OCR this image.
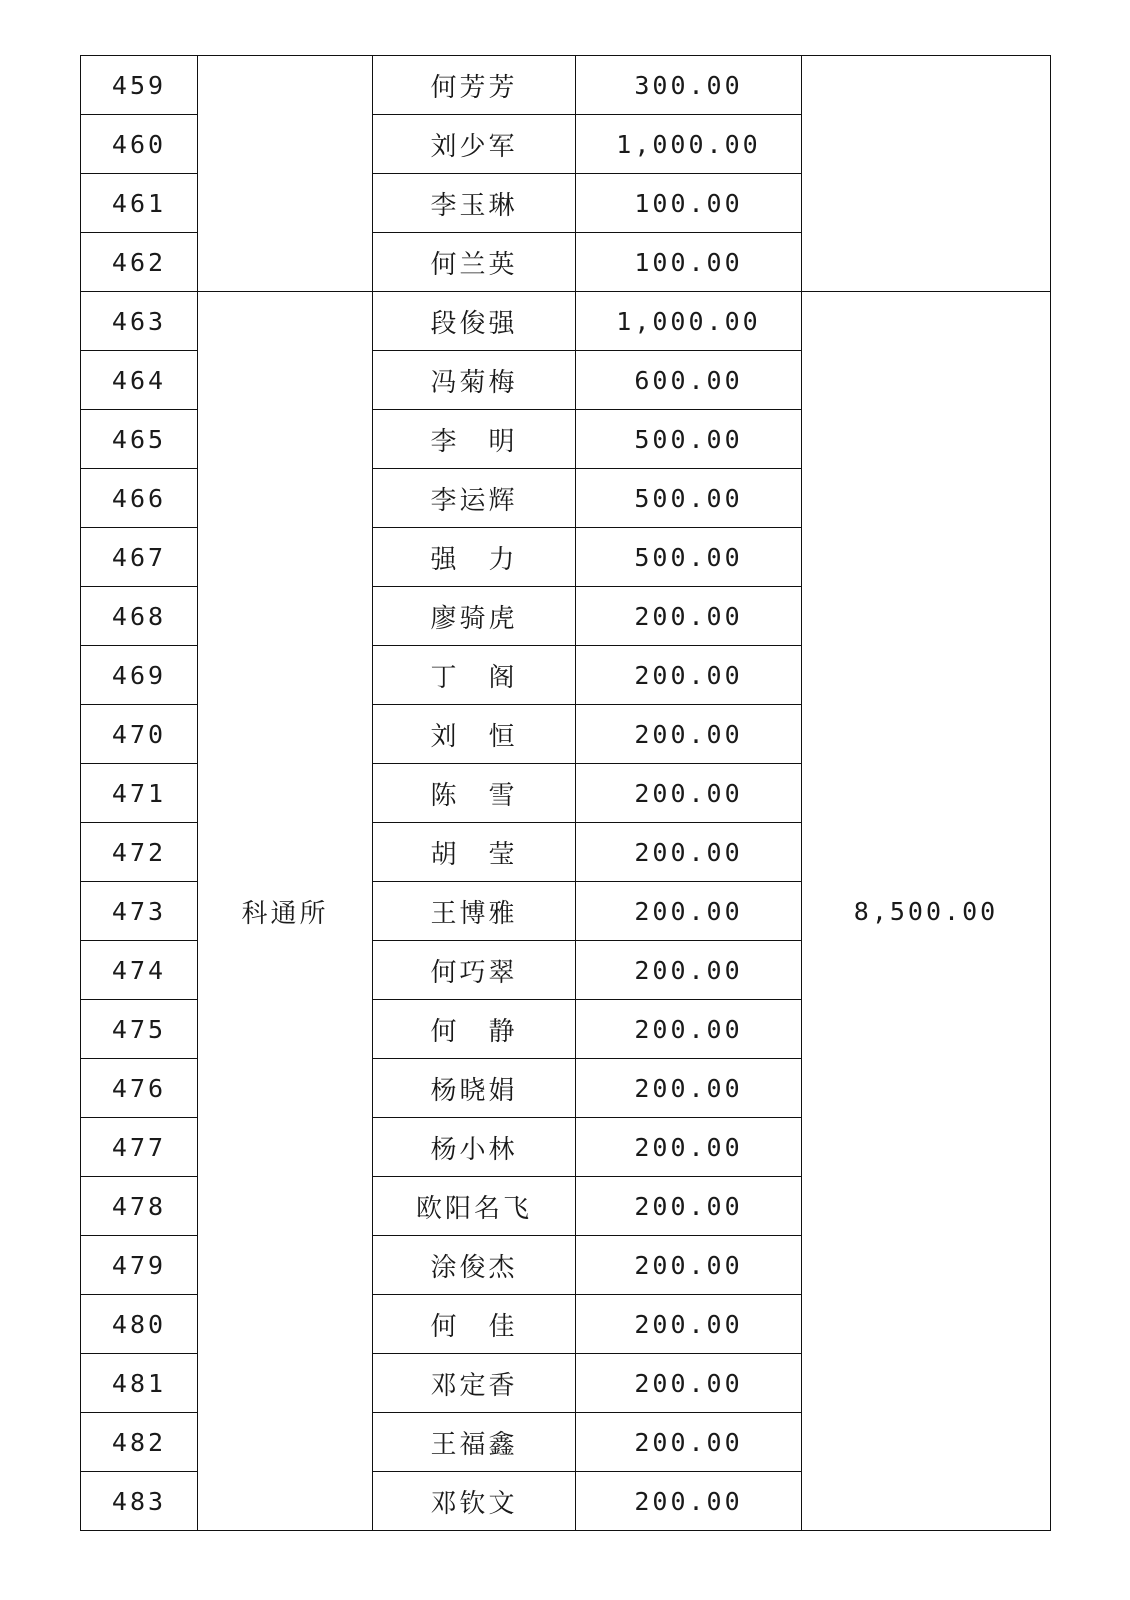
459		何芳芳	300.00	
460		刘少军	1,000.00	
461		李玉琳	100.00	
462		何兰英	100.00	
463	科通所	段俊强	1,000.00	8,500.00
464		冯菊梅	600.00	
465		李　明	500.00	
466		李运辉	500.00	
467		强　力	500.00	
468		廖骑虎	200.00	
469		丁　阁	200.00	
470		刘　恒	200.00	
471		陈　雪	200.00	
472		胡　莹	200.00	
473		王博雅	200.00	
474		何巧翠	200.00	
475		何　静	200.00	
476		杨晓娟	200.00	
477		杨小林	200.00	
478		欧阳名飞	200.00	
479		涂俊杰	200.00	
480		何　佳	200.00	
481		邓定香	200.00	
482		王福鑫	200.00	
483		邓钦文	200.00	
